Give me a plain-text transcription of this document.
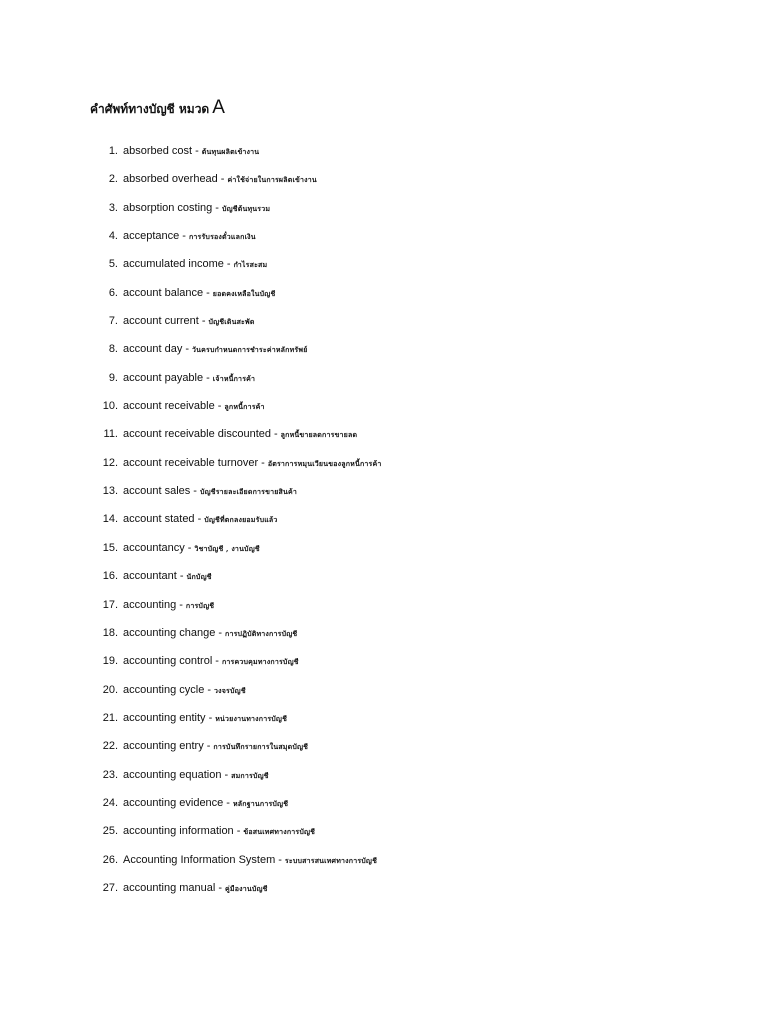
คำศัพท์ทางบัญชี หมวด A
1. absorbed cost - ต้นทุนผลิตเข้างาน
2. absorbed overhead - ค่าใช้จ่ายในการผลิตเข้างาน
3. absorption costing - บัญชีต้นทุนรวม
4. acceptance - การรับรองตั๋วแลกเงิน
5. accumulated income - กำไรสะสม
6. account balance - ยอดคงเหลือในบัญชี
7. account current - บัญชีเดินสะพัด
8. account day - วันครบกำหนดการชำระค่าหลักทรัพย์
9. account payable - เจ้าหนี้การค้า
10. account receivable - ลูกหนี้การค้า
11. account receivable discounted - ลูกหนี้ขายลดการขายลด
12. account receivable turnover - อัตราการหมุนเวียนของลูกหนี้การค้า
13. account sales - บัญชีรายละเอียดการขายสินค้า
14. account stated - บัญชีที่ตกลงยอมรับแล้ว
15. accountancy - วิชาบัญชี , งานบัญชี
16. accountant - นักบัญชี
17. accounting - การบัญชี
18. accounting change - การปฏิบัติทางการบัญชี
19. accounting control - การควบคุมทางการบัญชี
20. accounting cycle - วงจรบัญชี
21. accounting entity - หน่วยงานทางการบัญชี
22. accounting entry - การบันทึกรายการในสมุดบัญชี
23. accounting equation - สมการบัญชี
24. accounting evidence - หลักฐานการบัญชี
25. accounting information - ข้อสนเทศทางการบัญชี
26. Accounting Information System - ระบบสารสนเทศทางการบัญชี
27. accounting manual - คู่มืองานบัญชี
